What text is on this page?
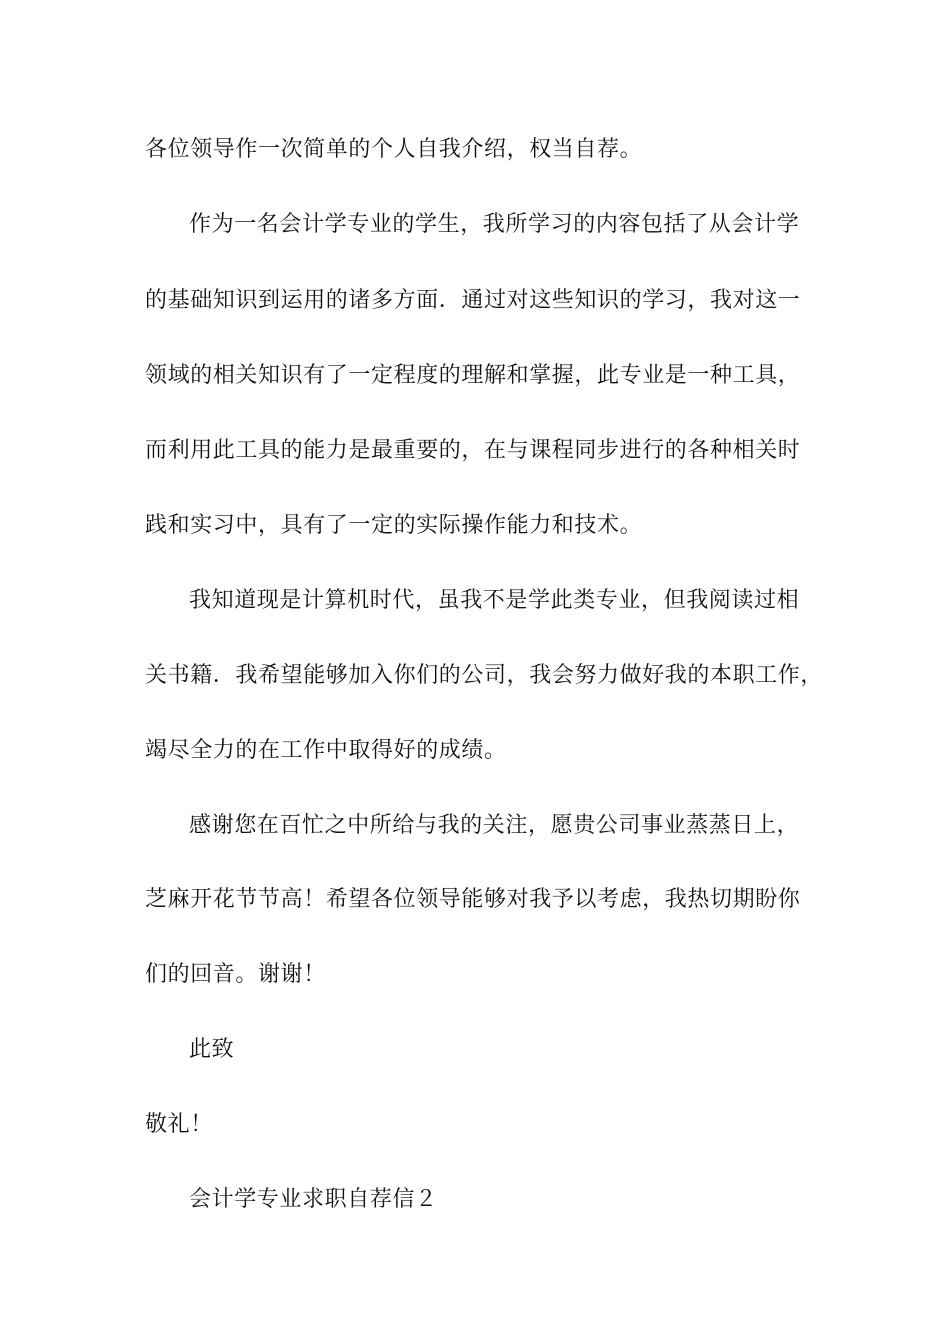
各位领导作一次简单的个人自我介绍，权当自荐。
作为一名会计学专业的学生，我所学习的内容包括了从会计学
的基础知识到运用的诸多方面．通过对这些知识的学习，我对这一
领域的相关知识有了一定程度的理解和掌握，此专业是一种工具，
而利用此工具的能力是最重要的，在与课程同步进行的各种相关时
践和实习中，具有了一定的实际操作能力和技术。
我知道现是计算机时代，虽我不是学此类专业，但我阅读过相
关书籍．我希望能够加入你们的公司，我会努力做好我的本职工作，
竭尽全力的在工作中取得好的成绩。
感谢您在百忙之中所给与我的关注，愿贵公司事业蒸蒸日上，
芝麻开花节节高！希望各位领导能够对我予以考虑，我热切期盼你
们的回音。谢谢！
此致
敬礼！
会计学专业求职自荐信２
